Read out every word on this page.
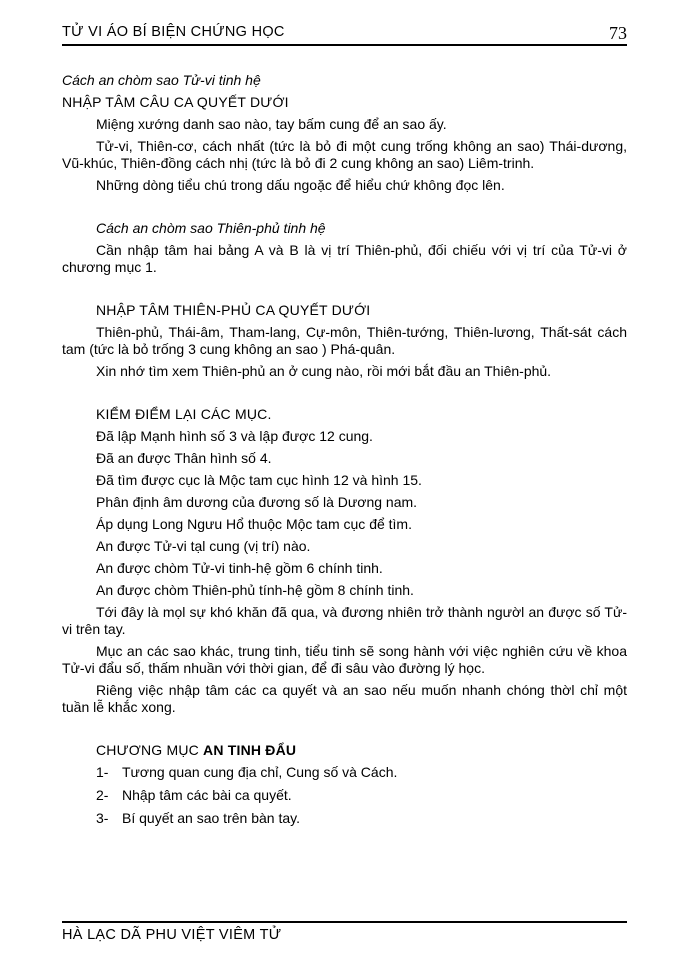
TỬ VI ÁO BÍ BIỆN CHỨNG HỌC	73

Cách an chòm sao Tử-vi tinh hệ

NHẬP TÂM CÂU CA QUYẾT DƯỚI

Miệng xướng danh sao nào, tay bấm cung để an sao ấy.

Tử-vi, Thiên-cơ, cách nhất (tức là bỏ đi một cung trống không an sao) Thái-dương, Vũ-khúc, Thiên-đồng cách nhị (tức là bỏ đi 2 cung không an sao) Liêm-trinh.

Những dòng tiểu chú trong dấu ngoặc để hiểu chứ không đọc lên.

Cách an chòm sao Thiên-phủ tinh hệ

Cần nhập tâm hai bảng A và B là vị trí Thiên-phủ, đối chiếu với vị trí của Tử-vi ở chương mục 1.

NHẬP TÂM THIÊN-PHỦ CA QUYẾT DƯỚI

Thiên-phủ, Thái-âm, Tham-lang, Cự-môn, Thiên-tướng, Thiên-lương, Thất-sát cách tam (tức là bỏ trống 3 cung không an sao ) Phá-quân.

Xin nhớ tìm xem Thiên-phủ an ở cung nào, rồi mới bắt đầu an Thiên-phủ.

KIỂM ĐIỂM LẠI CÁC MỤC.

Đã lập Mạnh hình số 3 và lập được 12 cung.

Đã an được Thân hình số 4.

Đã tìm được cục là Mộc tam cục hình 12 và hình 15.

Phân định âm dương của đương số là Dương nam.

Áp dụng Long Ngưu Hổ thuộc Mộc tam cục để tìm.

An được Tử-vi tạl cung (vị trí) nào.

An được chòm Tử-vi tinh-hệ gồm 6 chính tinh.

An được chòm Thiên-phủ tính-hệ gồm 8 chính tinh.

Tới đây là mọl sự khó khăn đã qua, và đương nhiên trở thành ngườl an được số Tử-vi trên tay.

Mục an các sao khác, trung tinh, tiểu tinh sẽ song hành với việc nghiên cứu về khoa Tử-vi đẩu số, thấm nhuần với thời gian, để đi sâu vào đường lý học.

Riêng việc nhập tâm các ca quyết và an sao nếu muốn nhanh chóng thờl chỉ một tuần lễ khắc xong.

CHƯƠNG MỤC AN TINH ĐẨU

1- Tương quan cung địa chỉ, Cung số và Cách.

2- Nhập tâm các bài ca quyết.

3- Bí quyết an sao trên bàn tay.

HÀ LẠC DÃ PHU VIỆT VIÊM TỬ
